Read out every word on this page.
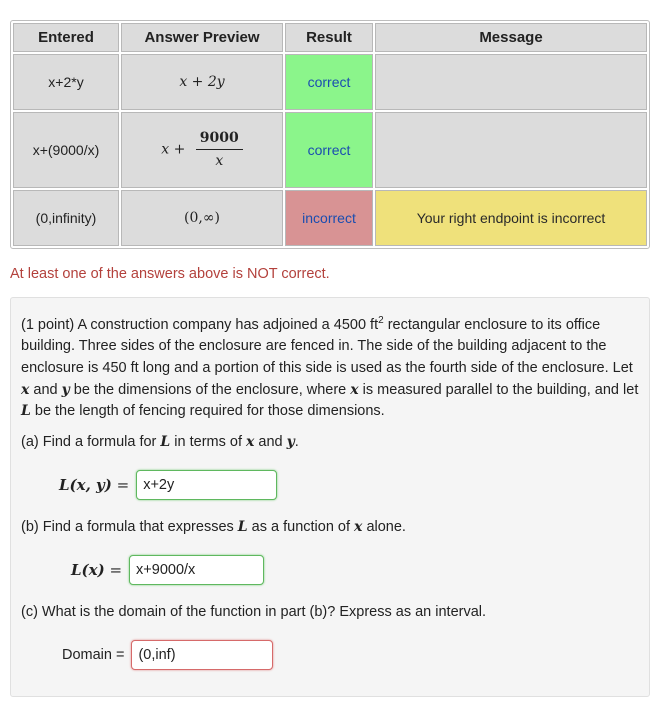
Entered	Answer Preview	Result	Message
x+2*y	x + 2y	correct	
x+(9000/x)	$x + \frac{9000}{x}$	correct	
(0,infinity)	(0,∞)	incorrect	Your right endpoint is incorrect
At least one of the answers above is NOT correct.
(1 point) A construction company has adjoined a 4500 $ft^2$ rectangular enclosure to its office building. Three sides of the enclosure are fenced in. The side of the building adjacent to the enclosure is 450 ft long and a portion of this side is used as the fourth side of the enclosure. Let x and y be the dimensions of the enclosure, where x is measured parallel to the building, and let L be the length of fencing required for those dimensions.
(a) Find a formula for L in terms of x and y.
L(x, y) =
x+2y
(b) Find a formula that expresses L as a function of x alone.
L(x) =
x+9000/x
(c) What is the domain of the function in part (b)? Express as an interval.
Domain =
(0,inf)
